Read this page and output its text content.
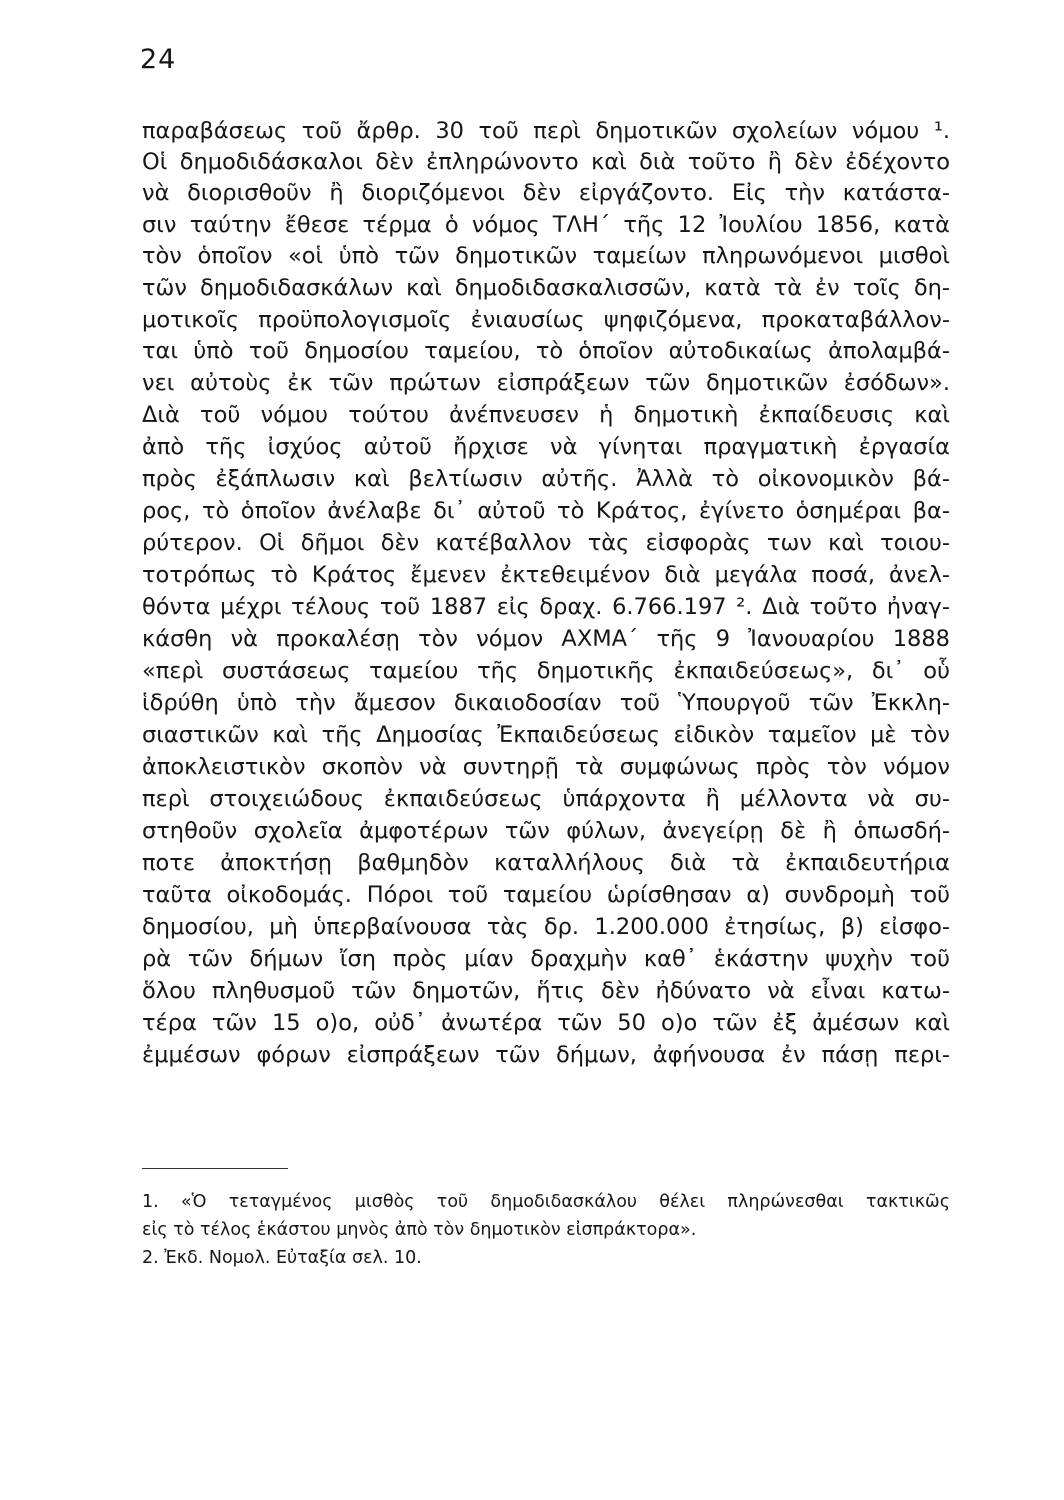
24
παραβάσεως τοῦ ἄρθρ. 30 τοῦ περὶ δημοτικῶν σχολείων νόμου ¹.
Οἱ δημοδιδάσκαλοι δὲν ἐπληρώνοντο καὶ διὰ τοῦτο ἢ δὲν ἐδέχοντο
νὰ διορισθοῦν ἢ διοριζόμενοι δὲν εἰργάζοντο. Εἰς τὴν κατάστα-
σιν ταύτην ἔθεσε τέρμα ὁ νόμος ΤΛΗ΄ τῆς 12 Ἰουλίου 1856, κατὰ
τὸν ὁποῖον «οἱ ὑπὸ τῶν δημοτικῶν ταμείων πληρωνόμενοι μισθοὶ
τῶν δημοδιδασκάλων καὶ δημοδιδασκαλισσῶν, κατὰ τὰ ἐν τοῖς δη-
μοτικοῖς προϋπολογισμοῖς ἐνιαυσίως ψηφιζόμενα, προκαταβάλλον-
ται ὑπὸ τοῦ δημοσίου ταμείου, τὸ ὁποῖον αὐτοδικαίως ἀπολαμβά-
νει αὐτοὺς ἐκ τῶν πρώτων εἰσπράξεων τῶν δημοτικῶν ἐσόδων».
Διὰ τοῦ νόμου τούτου ἀνέπνευσεν ἡ δημοτικὴ ἐκπαίδευσις καὶ
ἀπὸ τῆς ἰσχύος αὐτοῦ ἤρχισε νὰ γίνηται πραγματικὴ ἐργασία
πρὸς ἐξάπλωσιν καὶ βελτίωσιν αὐτῆς. Ἀλλὰ τὸ οἰκονομικὸν βά-
ρος, τὸ ὁποῖον ἀνέλαβε δι᾽ αὐτοῦ τὸ Κράτος, ἐγίνετο ὁσημέραι βα-
ρύτερον. Οἱ δῆμοι δὲν κατέβαλλον τὰς εἰσφορὰς των καὶ τοιου-
τοτρόπως τὸ Κράτος ἔμενεν ἐκτεθειμένον διὰ μεγάλα ποσά, ἀνελ-
θόντα μέχρι τέλους τοῦ 1887 εἰς δραχ. 6.766.197 ². Διὰ τοῦτο ἠναγ-
κάσθη νὰ προκαλέσῃ τὸν νόμον ΑΧΜΑ΄ τῆς 9 Ἰανουαρίου 1888
«περὶ συστάσεως ταμείου τῆς δημοτικῆς ἐκπαιδεύσεως», δι᾽ οὗ
ἱδρύθη ὑπὸ τὴν ἄμεσον δικαιοδοσίαν τοῦ Ὑπουργοῦ τῶν Ἐκκλη-
σιαστικῶν καὶ τῆς Δημοσίας Ἐκπαιδεύσεως εἰδικὸν ταμεῖον μὲ τὸν
ἀποκλειστικὸν σκοπὸν νὰ συντηρῇ τὰ συμφώνως πρὸς τὸν νόμον
περὶ στοιχειώδους ἐκπαιδεύσεως ὑπάρχοντα ἢ μέλλοντα νὰ συ-
στηθοῦν σχολεῖα ἀμφοτέρων τῶν φύλων, ἀνεγείρῃ δὲ ἢ ὁπωσδή-
ποτε ἀποκτήσῃ βαθμηδὸν καταλλήλους διὰ τὰ ἐκπαιδευτήρια
ταῦτα οἰκοδομάς. Πόροι τοῦ ταμείου ὡρίσθησαν α) συνδρομὴ τοῦ
δημοσίου, μὴ ὑπερβαίνουσα τὰς δρ. 1.200.000 ἐτησίως, β) εἰσφο-
ρὰ τῶν δήμων ἴση πρὸς μίαν δραχμὴν καθ᾽ ἑκάστην ψυχὴν τοῦ
ὅλου πληθυσμοῦ τῶν δημοτῶν, ἥτις δὲν ἠδύνατο νὰ εἶναι κατω-
τέρα τῶν 15 ο)ο, οὐδ᾽ ἀνωτέρα τῶν 50 ο)ο τῶν ἐξ ἀμέσων καὶ
ἐμμέσων φόρων εἰσπράξεων τῶν δήμων, ἀφήνουσα ἐν πάσῃ περι-
1. «Ὁ τεταγμένος μισθὸς τοῦ δημοδιδασκάλου θέλει πληρώνεσθαι τακτικῶς
εἰς τὸ τέλος ἑκάστου μηνὸς ἀπὸ τὸν δημοτικὸν εἰσπράκτορα».
2. Ἐκδ. Νομολ. Εὐταξία σελ. 10.
